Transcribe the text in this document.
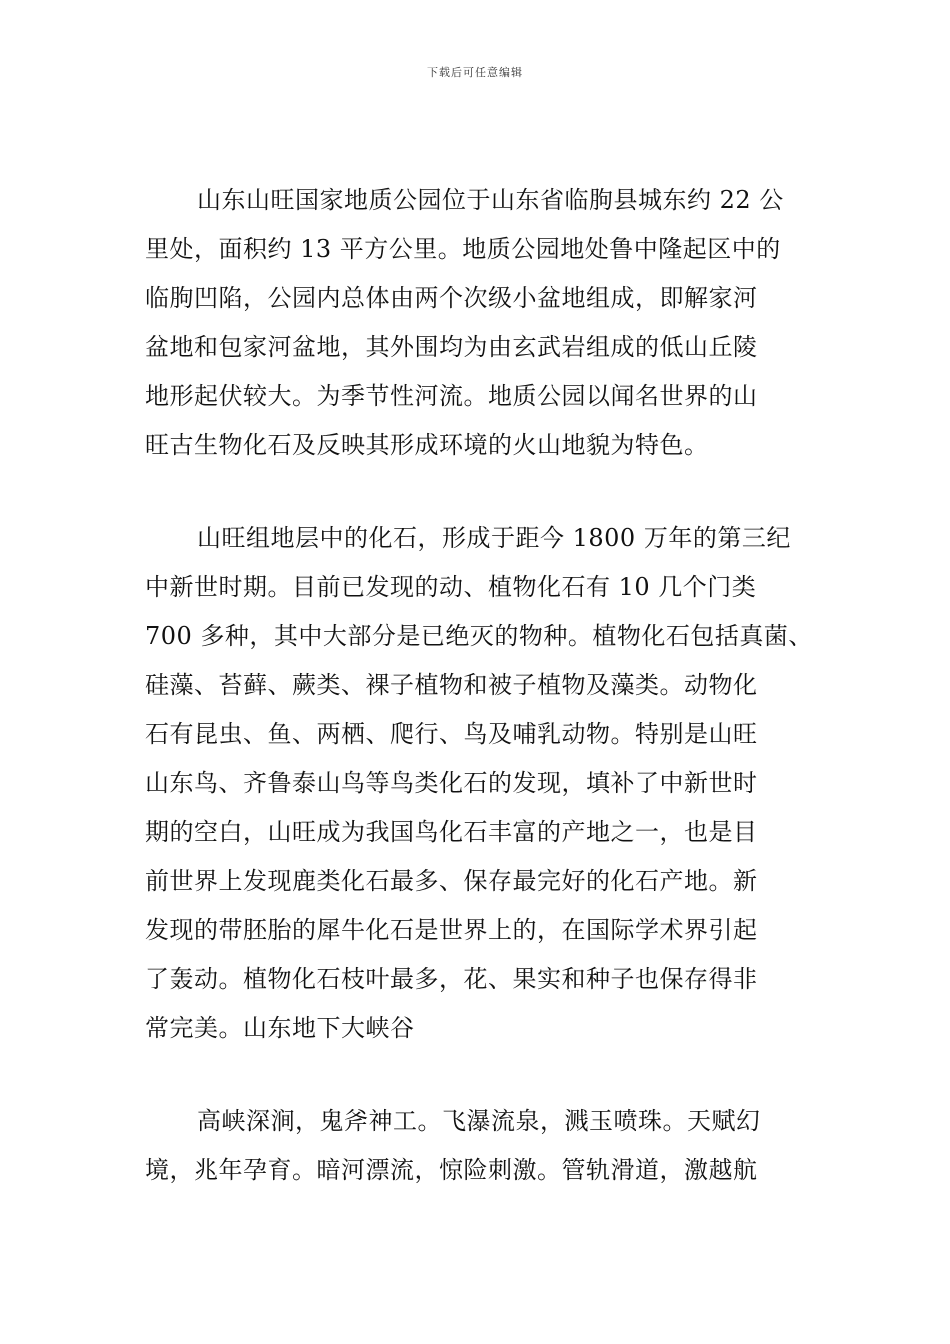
下载后可任意编辑
山东山旺国家地质公园位于山东省临朐县城东约 22 公
里处，面积约 13 平方公里。地质公园地处鲁中隆起区中的
临朐凹陷，公园内总体由两个次级小盆地组成，即解家河
盆地和包家河盆地，其外围均为由玄武岩组成的低山丘陵
地形起伏较大。为季节性河流。地质公园以闻名世界的山
旺古生物化石及反映其形成环境的火山地貌为特色。
山旺组地层中的化石，形成于距今 1800 万年的第三纪
中新世时期。目前已发现的动、植物化石有 10 几个门类
700 多种，其中大部分是已绝灭的物种。植物化石包括真菌、
硅藻、苔藓、蕨类、裸子植物和被子植物及藻类。动物化
石有昆虫、鱼、两栖、爬行、鸟及哺乳动物。特别是山旺
山东鸟、齐鲁泰山鸟等鸟类化石的发现，填补了中新世时
期的空白，山旺成为我国鸟化石丰富的产地之一，也是目
前世界上发现鹿类化石最多、保存最完好的化石产地。新
发现的带胚胎的犀牛化石是世界上的，在国际学术界引起
了轰动。植物化石枝叶最多，花、果实和种子也保存得非
常完美。山东地下大峡谷
高峡深涧，鬼斧神工。飞瀑流泉，溅玉喷珠。天赋幻
境，兆年孕育。暗河漂流，惊险刺激。管轨滑道，激越航
